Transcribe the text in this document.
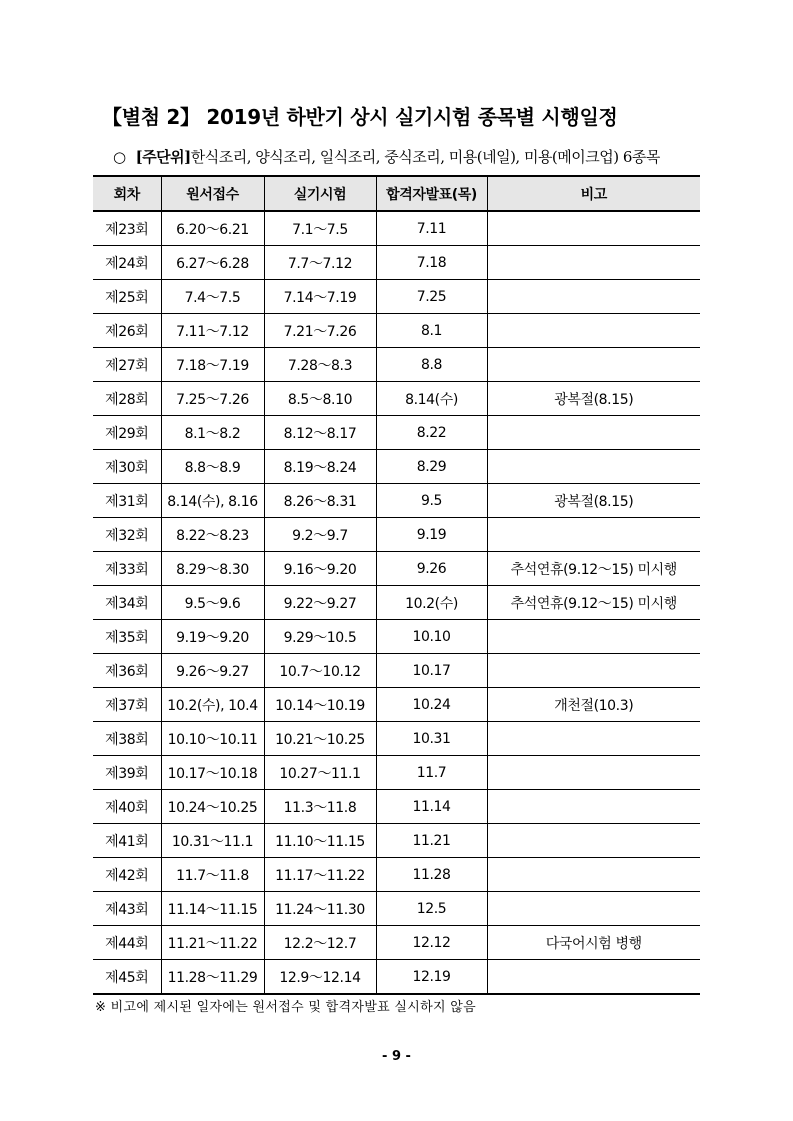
【별첨 2】 2019년 하반기 상시 실기시험 종목별 시행일정
○ [주단위]한식조리, 양식조리, 일식조리, 중식조리, 미용(네일), 미용(메이크업) 6종목
회차	원서접수	실기시험	합격자발표(목)	비고
제23회	6.20～6.21	7.1～7.5	7.11	
제24회	6.27～6.28	7.7～7.12	7.18	
제25회	7.4～7.5	7.14～7.19	7.25	
제26회	7.11～7.12	7.21～7.26	8.1	
제27회	7.18～7.19	7.28～8.3	8.8	
제28회	7.25～7.26	8.5～8.10	8.14(수)	광복절(8.15)
제29회	8.1～8.2	8.12～8.17	8.22	
제30회	8.8～8.9	8.19～8.24	8.29	
제31회	8.14(수), 8.16	8.26～8.31	9.5	광복절(8.15)
제32회	8.22～8.23	9.2～9.7	9.19	
제33회	8.29～8.30	9.16～9.20	9.26	추석연휴(9.12～15) 미시행
제34회	9.5～9.6	9.22～9.27	10.2(수)	추석연휴(9.12～15) 미시행
제35회	9.19～9.20	9.29～10.5	10.10	
제36회	9.26～9.27	10.7～10.12	10.17	
제37회	10.2(수), 10.4	10.14～10.19	10.24	개천절(10.3)
제38회	10.10～10.11	10.21～10.25	10.31	
제39회	10.17～10.18	10.27～11.1	11.7	
제40회	10.24～10.25	11.3～11.8	11.14	
제41회	10.31～11.1	11.10～11.15	11.21	
제42회	11.7～11.8	11.17～11.22	11.28	
제43회	11.14～11.15	11.24～11.30	12.5	
제44회	11.21～11.22	12.2～12.7	12.12	다국어시험 병행
제45회	11.28～11.29	12.9～12.14	12.19	
※ 비고에 제시된 일자에는 원서접수 및 합격자발표 실시하지 않음
- 9 -
